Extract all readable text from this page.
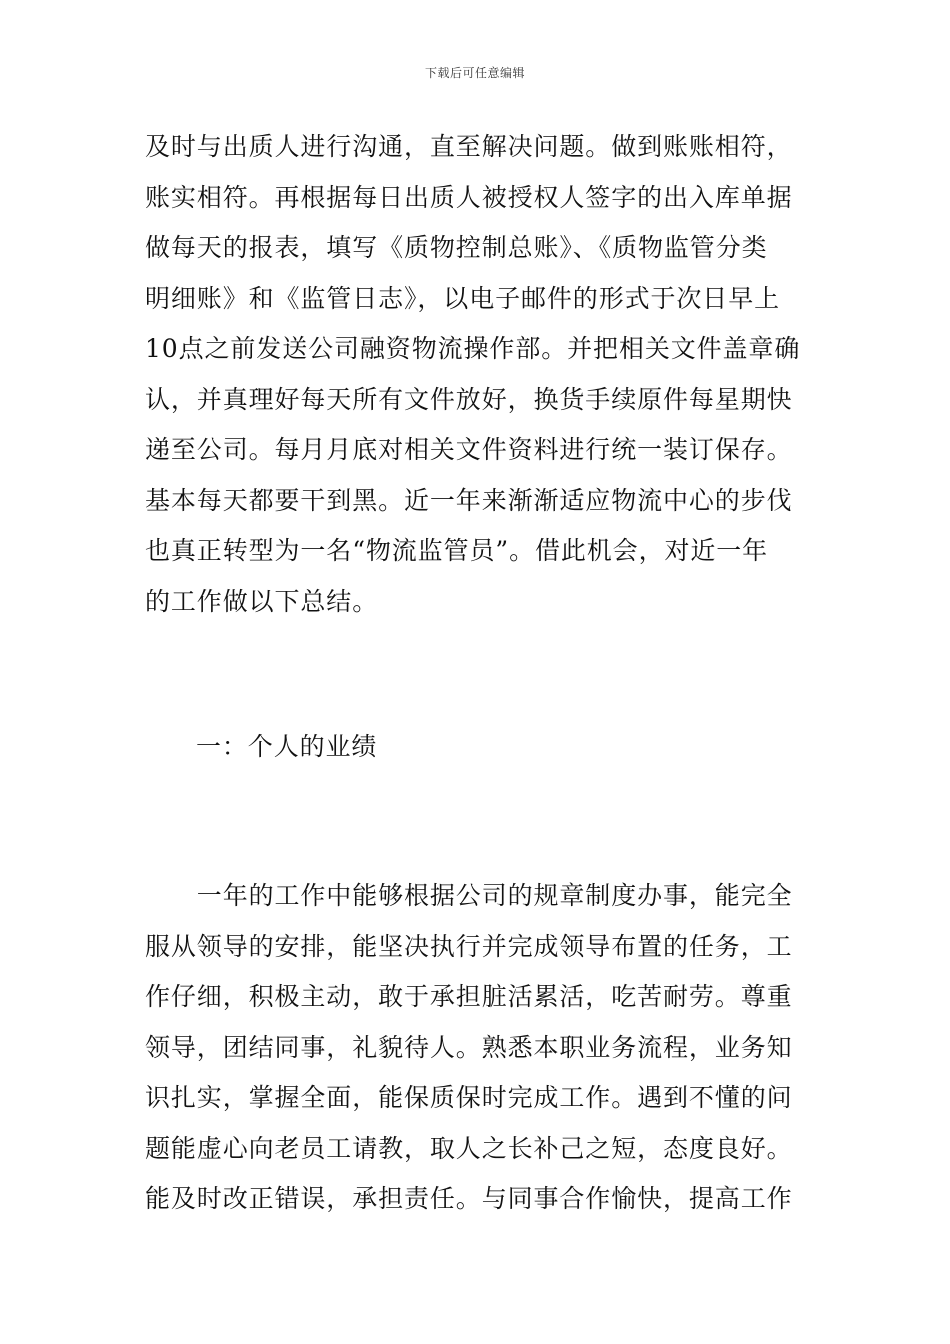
下载后可任意编辑
及时与出质人进行沟通，直至解决问题。做到账账相符，
账实相符。再根据每日出质人被授权人签字的出入库单据
做每天的报表，填写《质物控制总账》、《质物监管分类
明细账》和《监管日志》，以电子邮件的形式于次日早上
10点之前发送公司融资物流操作部。并把相关文件盖章确
认，并真理好每天所有文件放好，换货手续原件每星期快
递至公司。每月月底对相关文件资料进行统一装订保存。
基本每天都要干到黑。近一年来渐渐适应物流中心的步伐
也真正转型为一名“物流监管员”。借此机会，对近一年
的工作做以下总结。
一：个人的业绩
　　一年的工作中能够根据公司的规章制度办事，能完全
服从领导的安排，能坚决执行并完成领导布置的任务，工
作仔细，积极主动，敢于承担脏活累活，吃苦耐劳。尊重
领导，团结同事，礼貌待人。熟悉本职业务流程，业务知
识扎实，掌握全面，能保质保时完成工作。遇到不懂的问
题能虚心向老员工请教，取人之长补己之短，态度良好。
能及时改正错误，承担责任。与同事合作愉快，提高工作
